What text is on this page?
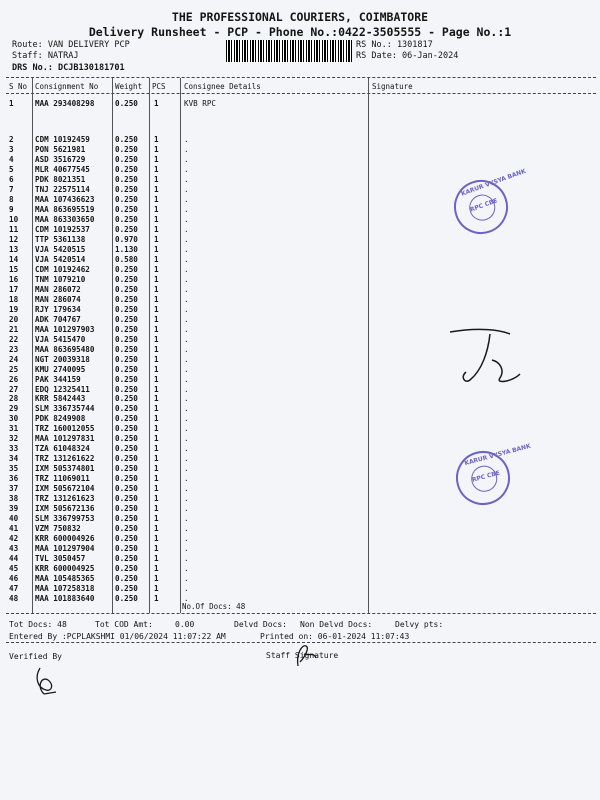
THE PROFESSIONAL COURIERS, COIMBATORE
Delivery Runsheet - PCP - Phone No.:0422-3505555 - Page No.:1
Route: VAN DELIVERY PCP
Staff: NATRAJ
DRS No.: DCJB130181701
RS No.: 1301817
RS Date: 06-Jan-2024
S No Consignment No Weight PCS Consignee Details	Signature
1	MAA 293408298	0.250 1	KVB RPC
2	CDM 10192459	0.250 1	.
3	PON 5621981	0.250 1	.
4	ASD 3516729	0.250 1	.
5	MLR 40677545	0.250 1	.
6	PDK 8021351	0.250 1	.
7	TNJ 22575114	0.250 1	.
8	MAA 107436623	0.250 1	.
9	MAA 863695519	0.250 1	.
10 MAA 863303650	0.250 1	.
11 CDM 10192537	0.250 1	.
12 TTP 5361138	0.970 1	.
13 VJA 5420515	1.130 1	.
14 VJA 5420514	0.580 1	.
15 CDM 10192462	0.250 1	.
16 TNM 1079210	0.250 1	.
17 MAN 286072	0.250 1	.
18 MAN 286074	0.250 1	.
19 RJY 179634	0.250 1	.
20 ADK 704767	0.250 1	.
21 MAA 101297903	0.250 1	.
22 VJA 5415470	0.250 1	.
23 MAA 863695480	0.250 1	.
24 NGT 20039318	0.250 1	.
25 KMU 2740095	0.250 1	.
26 PAK 344159	0.250 1	.
27 EDQ 12325411	0.250 1	.
28 KRR 5842443	0.250 1	.
29 SLM 336735744	0.250 1	.
30 PDK 8249908	0.250 1	.
31 TRZ 160012055	0.250 1	.
32 MAA 101297831	0.250 1	.
33 TZA 61048324	0.250 1	.
34 TRZ 131261622	0.250 1	.
35 IXM 505374801	0.250 1	.
36 TRZ 11069011	0.250 1	.
37 IXM 505672104	0.250 1	.
38 TRZ 131261623	0.250 1	.
39 IXM 505672136	0.250 1	.
40 SLM 336799753	0.250 1	.
41 VZM 750832	0.250 1	.
42 KRR 600004926	0.250 1	.
43 MAA 101297904	0.250 1	.
44 TVL 3050457	0.250 1	.
45 KRR 600004925	0.250 1	.
46 MAA 105485365	0.250 1	.
47 MAA 107258318	0.250 1	.
48 MAA 101883640	0.250 1	.
No.Of Docs: 48
Tot Docs: 48	Tot COD Amt:	0.00	Delvd Docs: Non Delvd Docs:	Delvy pts:
Entered By :PCPLAKSHMI 01/06/2024 11:07:22 AM	Printed on: 06-01-2024 11:07:43
Verified By	Staff Signature
KARUR VYSYA BANK
RPC CBE
KARUR VYSYA BANK
RPC CBE
